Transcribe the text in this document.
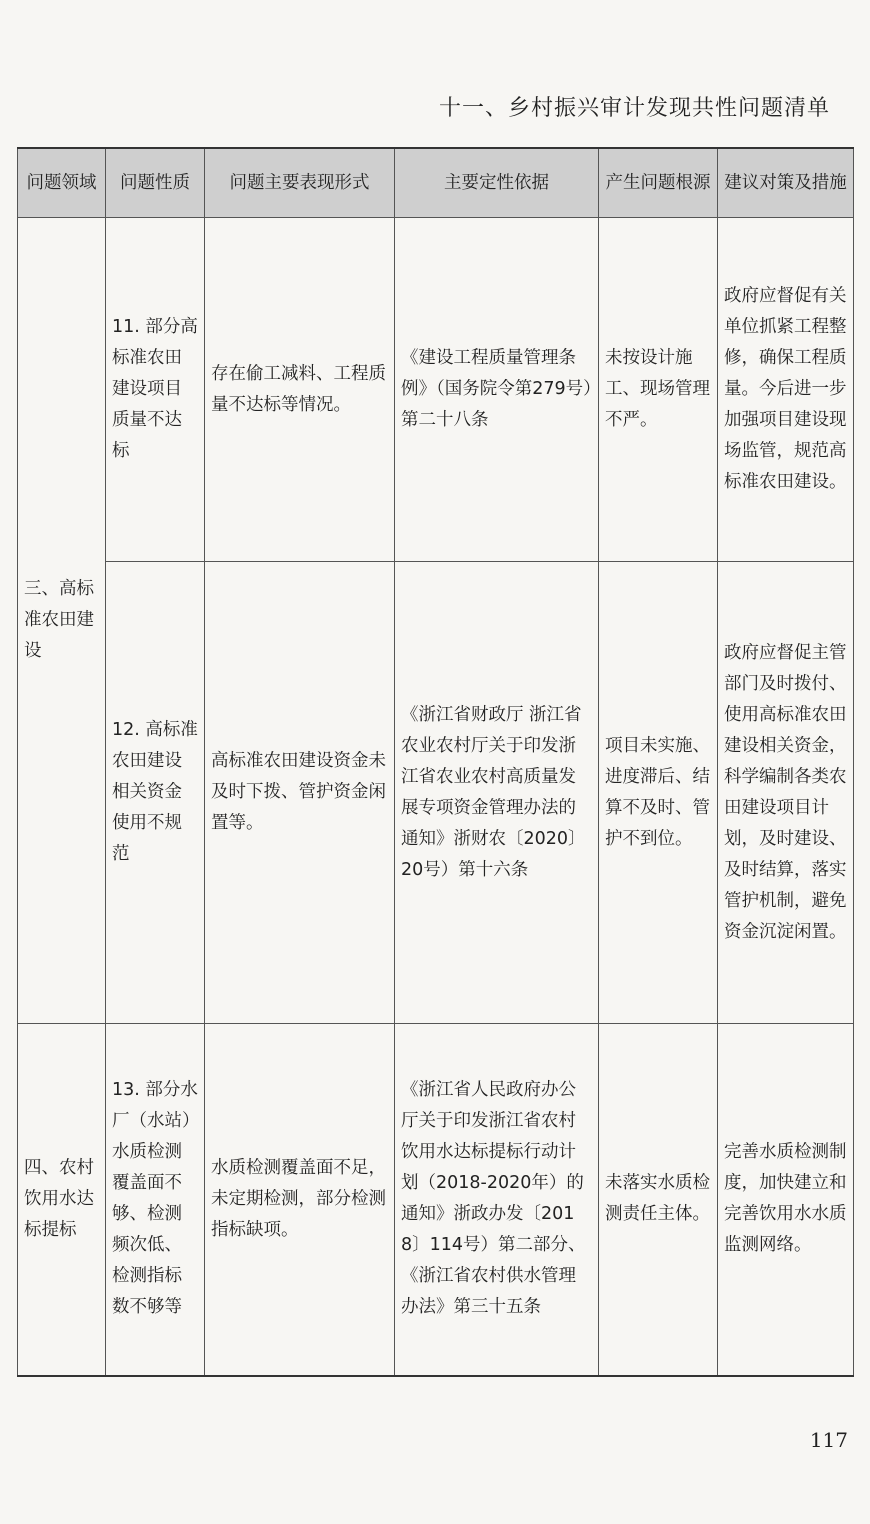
十一、乡村振兴审计发现共性问题清单
问题领域	问题性质	问题主要表现形式	主要定性依据	产生问题根源	建议对策及措施
三、高标准农田建设	11. 部分高标准农田建设项目质量不达标	存在偷工减料、工程质量不达标等情况。	《建设工程质量管理条例》（国务院令第279号）第二十八条	未按设计施工、现场管理不严。	政府应督促有关单位抓紧工程整修，确保工程质量。今后进一步加强项目建设现场监管，规范高标准农田建设。
	12. 高标准农田建设相关资金使用不规范	高标准农田建设资金未及时下拨、管护资金闲置等。	《浙江省财政厅 浙江省农业农村厅关于印发浙江省农业农村高质量发展专项资金管理办法的通知》浙财农〔2020〕20号）第十六条	项目未实施、进度滞后、结算不及时、管护不到位。	政府应督促主管部门及时拨付、使用高标准农田建设相关资金，科学编制各类农田建设项目计划，及时建设、及时结算，落实管护机制，避免资金沉淀闲置。
四、农村饮用水达标提标	13. 部分水厂（水站）水质检测覆盖面不够、检测频次低、检测指标数不够等	水质检测覆盖面不足，未定期检测，部分检测指标缺项。	《浙江省人民政府办公厅关于印发浙江省农村饮用水达标提标行动计划（2018-2020年）的通知》浙政办发〔2018〕114号）第二部分、《浙江省农村供水管理办法》第三十五条	未落实水质检测责任主体。	完善水质检测制度，加快建立和完善饮用水水质监测网络。
117
